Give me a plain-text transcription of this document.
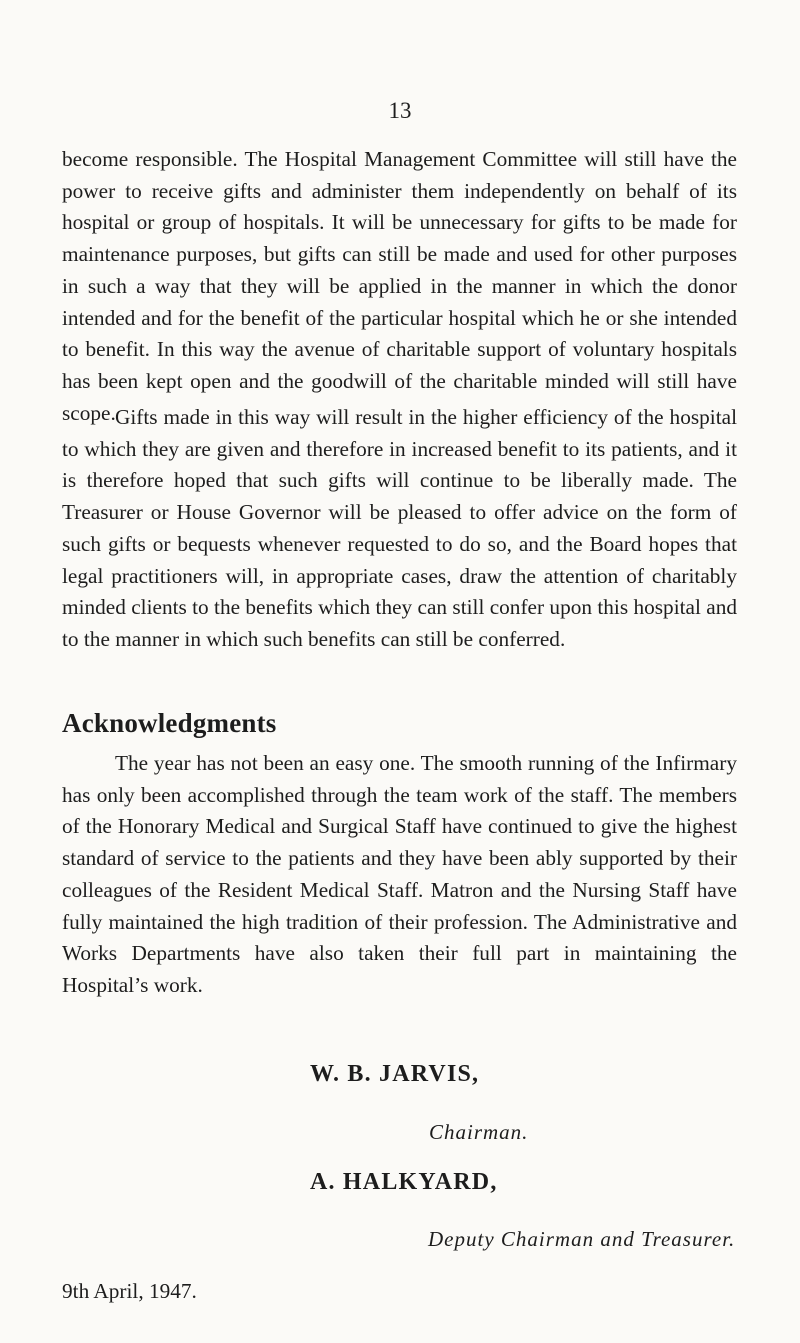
13

become responsible. The Hospital Management Committee will still have the power to receive gifts and administer them independently on behalf of its hospital or group of hospitals. It will be unnecessary for gifts to be made for maintenance purposes, but gifts can still be made and used for other purposes in such a way that they will be applied in the manner in which the donor intended and for the benefit of the particular hospital which he or she intended to benefit. In this way the avenue of charitable support of voluntary hospitals has been kept open and the goodwill of the charitable minded will still have scope. Gifts made in this way will result in the higher efficiency of the hospital to which they are given and therefore in increased benefit to its patients, and it is therefore hoped that such gifts will continue to be liberally made. The Treasurer or House Governor will be pleased to offer advice on the form of such gifts or bequests whenever requested to do so, and the Board hopes that legal practitioners will, in appropriate cases, draw the attention of charitably minded clients to the benefits which they can still confer upon this hospital and to the manner in which such benefits can still be conferred.

Acknowledgments

The year has not been an easy one. The smooth running of the Infirmary has only been accomplished through the team work of the staff. The members of the Honorary Medical and Surgical Staff have continued to give the highest standard of service to the patients and they have been ably supported by their colleagues of the Resident Medical Staff. Matron and the Nursing Staff have fully maintained the high tradition of their profession. The Administrative and Works Departments have also taken their full part in maintaining the Hospital’s work.

W. B. JARVIS,

Chairman.

A. HALKYARD,

Deputy Chairman and Treasurer.

9th April, 1947.
